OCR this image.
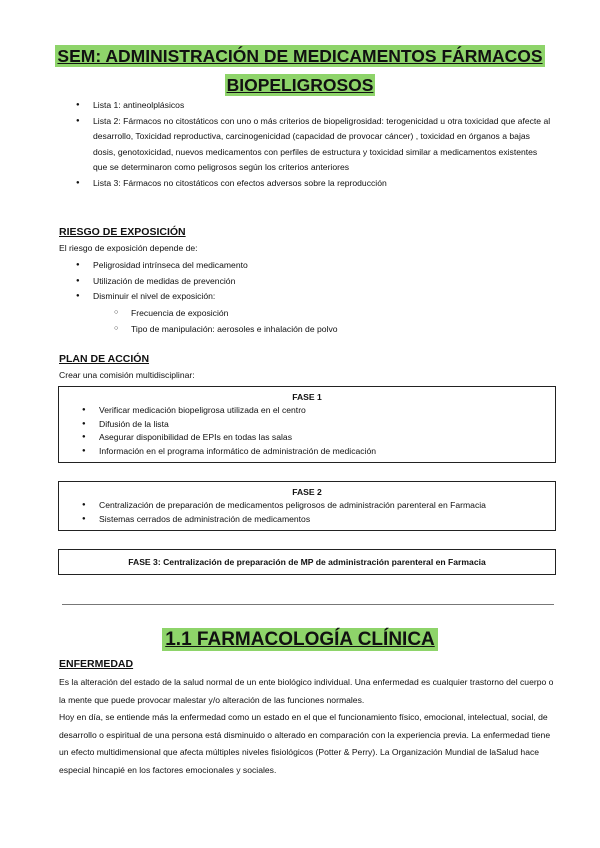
SEM: ADMINISTRACIÓN DE MEDICAMENTOS FÁRMACOS
BIOPELIGROSOS
● Lista 1: antineolplásicos
● Lista 2: Fármacos no citostáticos con uno o más criterios de biopeligrosidad: terogenicidad u otra toxicidad que afecte al desarrollo, Toxicidad reproductiva, carcinogenicidad (capacidad de provocar cáncer) , toxicidad en órganos a bajas dosis, genotoxicidad, nuevos medicamentos con perfiles de estructura y toxicidad similar a medicamentos existentes que se determinaron como peligrosos según los criterios anteriores
● Lista 3: Fármacos no citostáticos con efectos adversos sobre la reproducción
RIESGO DE EXPOSICIÓN
El riesgo de exposición depende de:
● Peligrosidad intrínseca del medicamento
● Utilización de medidas de prevención
● Disminuir el nivel de exposición:
○ Frecuencia de exposición
○ Tipo de manipulación: aerosoles e inhalación de polvo
PLAN DE ACCIÓN
Crear una comisión multidisciplinar:
FASE 1
● Verificar medicación biopeligrosa utilizada en el centro
● Difusión de la lista
● Asegurar disponibilidad de EPIs en todas las salas
● Información en el programa informático de administración de medicación
FASE 2
● Centralización de preparación de medicamentos peligrosos de administración parenteral en Farmacia
● Sistemas cerrados de administración de medicamentos
FASE 3: Centralización de preparación de MP de administración parenteral en Farmacia
1.1 FARMACOLOGÍA CLÍNICA
ENFERMEDAD

Es la alteración del estado de la salud normal de un ente biológico individual. Una enfermedad es cualquier trastorno del cuerpo o la mente que puede provocar malestar y/o alteración de las funciones normales.

Hoy en día, se entiende más la enfermedad como un estado en el que el funcionamiento físico, emocional, intelectual, social, de desarrollo o espiritual de una persona está disminuido o alterado en comparación con la experiencia previa. La enfermedad tiene un efecto multidimensional que afecta múltiples niveles fisiológicos (Potter & Perry). La Organización Mundial de laSalud hace especial hincapié en los factores emocionales y sociales.
